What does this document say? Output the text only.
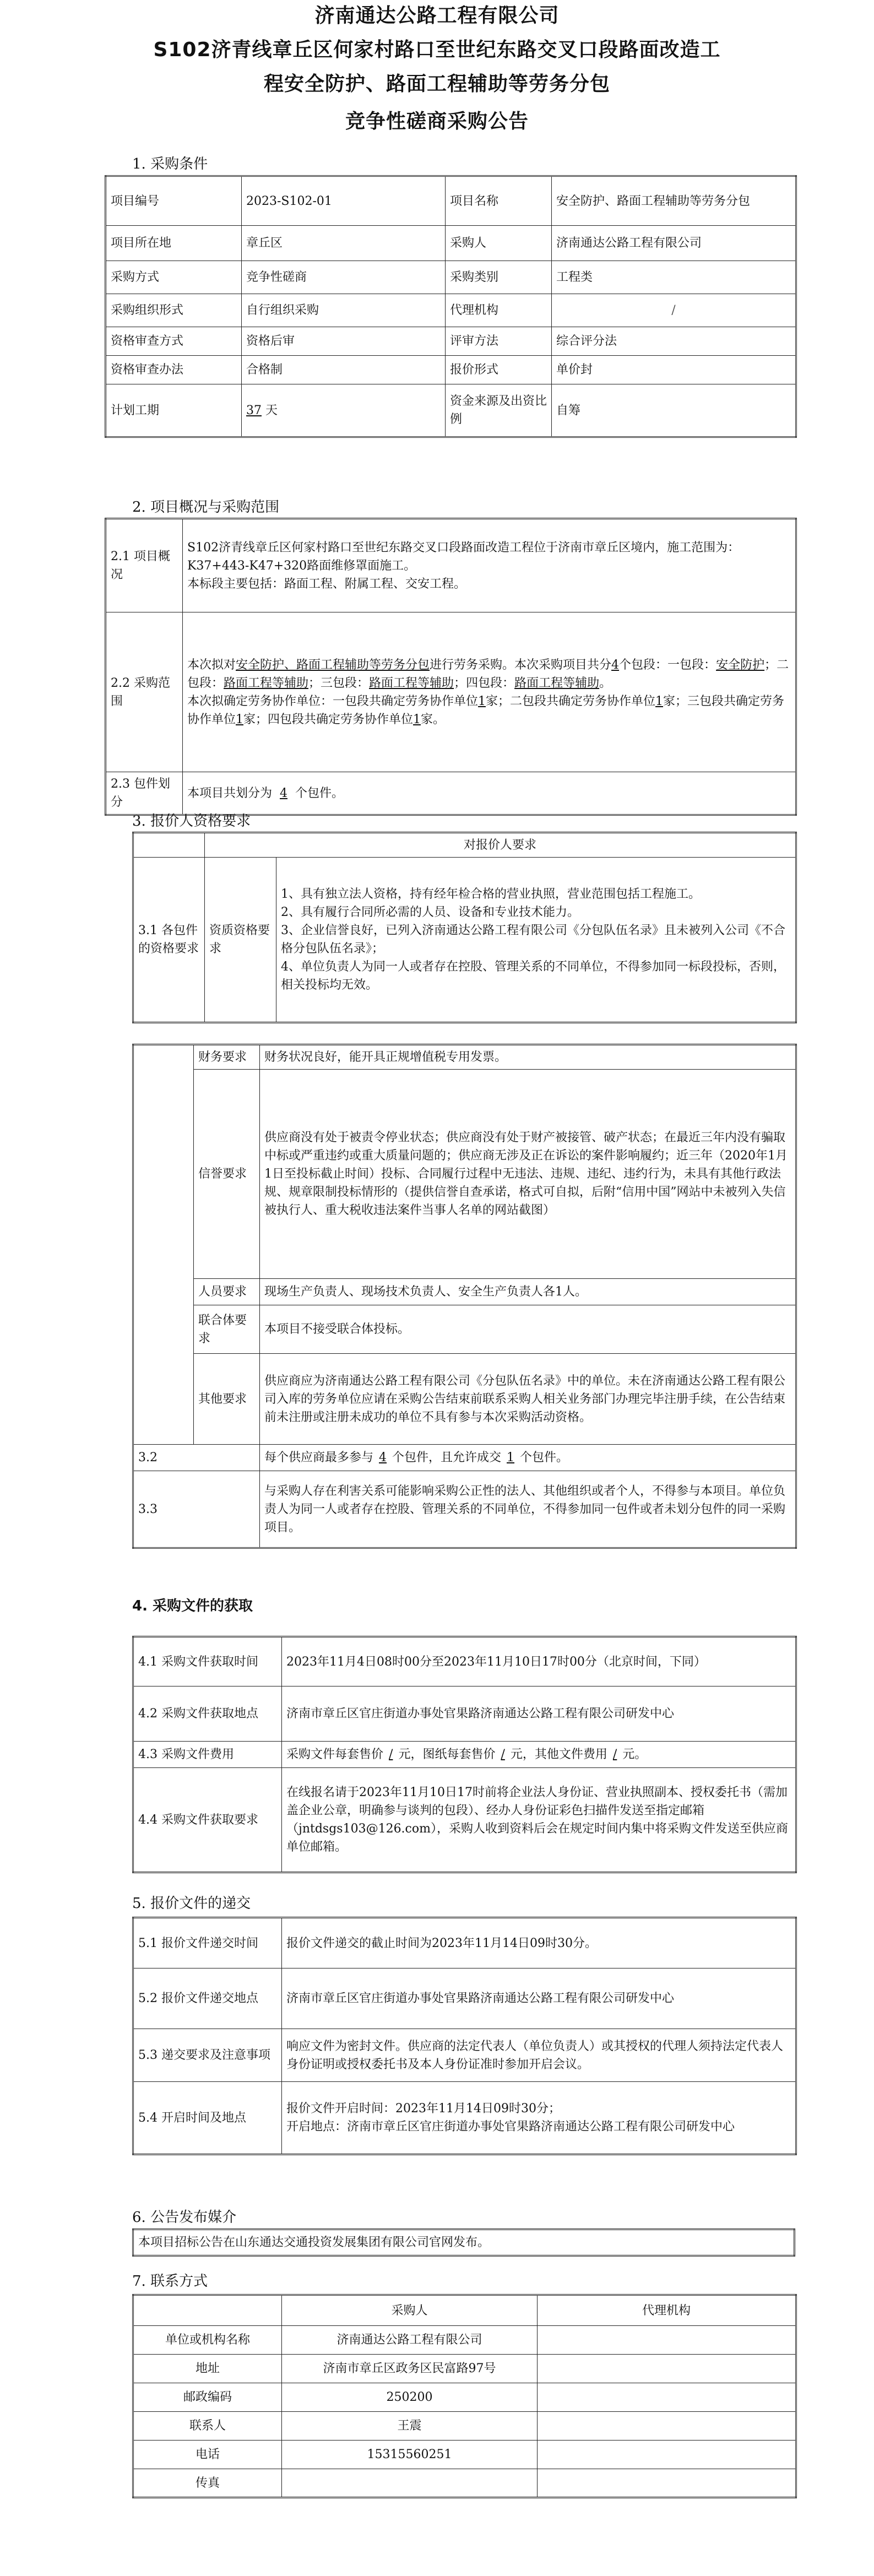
济南通达公路工程有限公司
S102济青线章丘区何家村路口至世纪东路交叉口段路面改造工
程安全防护、路面工程辅助等劳务分包
竞争性磋商采购公告
1. 采购条件
项目编号	2023-S102-01	项目名称	安全防护、路面工程辅助等劳务分包
项目所在地	章丘区	采购人	济南通达公路工程有限公司
采购方式	竞争性磋商	采购类别	工程类
采购组织形式	自行组织采购	代理机构	/
资格审查方式	资格后审	评审方法	综合评分法
资格审查办法	合格制	报价形式	单价封
计划工期	37 天	资金来源及出资比例	自筹
2. 项目概况与采购范围
2.1 项目概况	S102济青线章丘区何家村路口至世纪东路交叉口段路面改造工程位于济南市章丘区境内，施工范围为：K37+443-K47+320路面维修罩面施工。
本标段主要包括：路面工程、附属工程、交安工程。

2.2 采购范围	本次拟对安全防护、路面工程辅助等劳务分包进行劳务采购。本次采购项目共分4个包段：一包段：安全防护；二包段：路面工程等辅助；三包段：路面工程等辅助；四包段：路面工程等辅助。
本次拟确定劳务协作单位：一包段共确定劳务协作单位1家；二包段共确定劳务协作单位1家；三包段共确定劳务协作单位1家；四包段共确定劳务协作单位1家。

2.3 包件划分	本项目共划分为 4 个包件。
3. 报价人资格要求
	对报价人要求	
3.1 各包件的资格要求	资质资格要求	1、具有独立法人资格，持有经年检合格的营业执照，营业范围包括工程施工。
2、具有履行合同所必需的人员、设备和专业技术能力。
3、企业信誉良好，已列入济南通达公路工程有限公司《分包队伍名录》且未被列入公司《不合格分包队伍名录》；
4、单位负责人为同一人或者存在控股、管理关系的不同单位，不得参加同一标段投标，否则，相关投标均无效。
	财务要求	财务状况良好，能开具正规增值税专用发票。
	信誉要求	供应商没有处于被责令停业状态；供应商没有处于财产被接管、破产状态；在最近三年内没有骗取中标或严重违约或重大质量问题的；供应商无涉及正在诉讼的案件影响履约；近三年（2020年1月1日至投标截止时间）投标、合同履行过程中无违法、违规、违纪、违约行为，未具有其他行政法规、规章限制投标情形的（提供信誉自查承诺，格式可自拟，后附“信用中国”网站中未被列入失信被执行人、重大税收违法案件当事人名单的网站截图）
	人员要求	现场生产负责人、现场技术负责人、安全生产负责人各1人。
	联合体要求	本项目不接受联合体投标。
	其他要求	供应商应为济南通达公路工程有限公司《分包队伍名录》中的单位。未在济南通达公路工程有限公司入库的劳务单位应请在采购公告结束前联系采购人相关业务部门办理完毕注册手续，在公告结束前未注册或注册未成功的单位不具有参与本次采购活动资格。
3.2		每个供应商最多参与 4 个包件，且允许成交 1 个包件。
3.3		与采购人存在利害关系可能影响采购公正性的法人、其他组织或者个人，不得参与本项目。单位负责人为同一人或者存在控股、管理关系的不同单位，不得参加同一包件或者未划分包件的同一采购项目。
4. 采购文件的获取
4.1 采购文件获取时间	2023年11月4日08时00分至2023年11月10日17时00分（北京时间，下同）
4.2 采购文件获取地点	济南市章丘区官庄街道办事处官果路济南通达公路工程有限公司研发中心
4.3 采购文件费用	采购文件每套售价 / 元，图纸每套售价 / 元，其他文件费用 / 元。
4.4 采购文件获取要求	在线报名请于2023年11月10日17时前将企业法人身份证、营业执照副本、授权委托书（需加盖企业公章，明确参与谈判的包段）、经办人身份证彩色扫描件发送至指定邮箱（jntdsgs103@126.com），采购人收到资料后会在规定时间内集中将采购文件发送至供应商单位邮箱。
5. 报价文件的递交
5.1 报价文件递交时间	报价文件递交的截止时间为2023年11月14日09时30分。
5.2 报价文件递交地点	济南市章丘区官庄街道办事处官果路济南通达公路工程有限公司研发中心
5.3 递交要求及注意事项	响应文件为密封文件。供应商的法定代表人（单位负责人）或其授权的代理人须持法定代表人身份证明或授权委托书及本人身份证准时参加开启会议。
5.4 开启时间及地点	报价文件开启时间：2023年11月14日09时30分；
开启地点：济南市章丘区官庄街道办事处官果路济南通达公路工程有限公司研发中心
6. 公告发布媒介
本项目招标公告在山东通达交通投资发展集团有限公司官网发布。
7. 联系方式
	采购人	代理机构
单位或机构名称	济南通达公路工程有限公司	
地址	济南市章丘区政务区民富路97号	
邮政编码	250200	
联系人	王震	
电话	15315560251	
传真		
